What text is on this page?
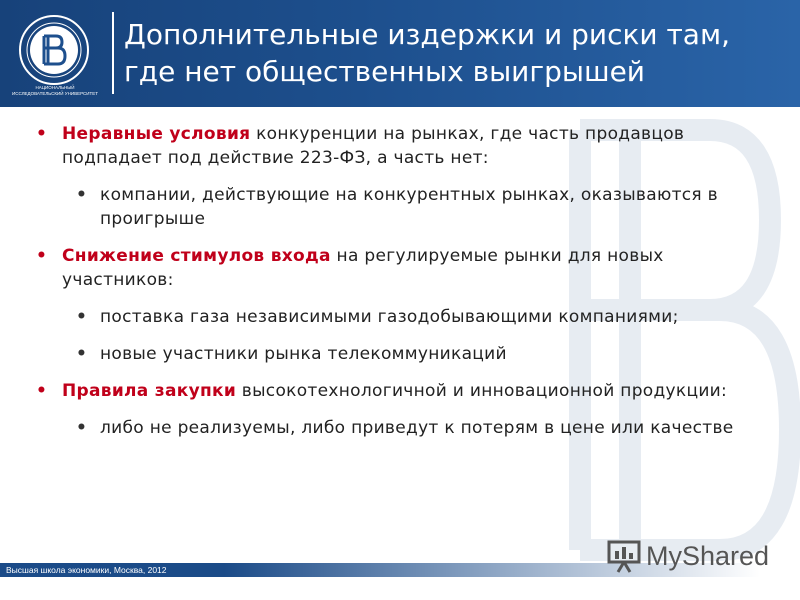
НАЦИОНАЛЬНЫЙ ИССЛЕДОВАТЕЛЬСКИЙ УНИВЕРСИТЕТ
Дополнительные издержки и риски там,
где нет общественных выигрышей
• Неравные условия конкуренции на рынках, где часть продавцов подпадает под действие 223-ФЗ, а часть нет:
• компании, действующие на конкурентных рынках, оказываются в проигрыше
• Снижение стимулов входа на регулируемые рынки для новых участников:
• поставка газа независимыми газодобывающими компаниями;
• новые участники рынка телекоммуникаций
• Правила закупки высокотехнологичной и инновационной продукции:
• либо не реализуемы, либо приведут к потерям в цене или качестве
Высшая школа экономики, Москва, 2012	MyShared
